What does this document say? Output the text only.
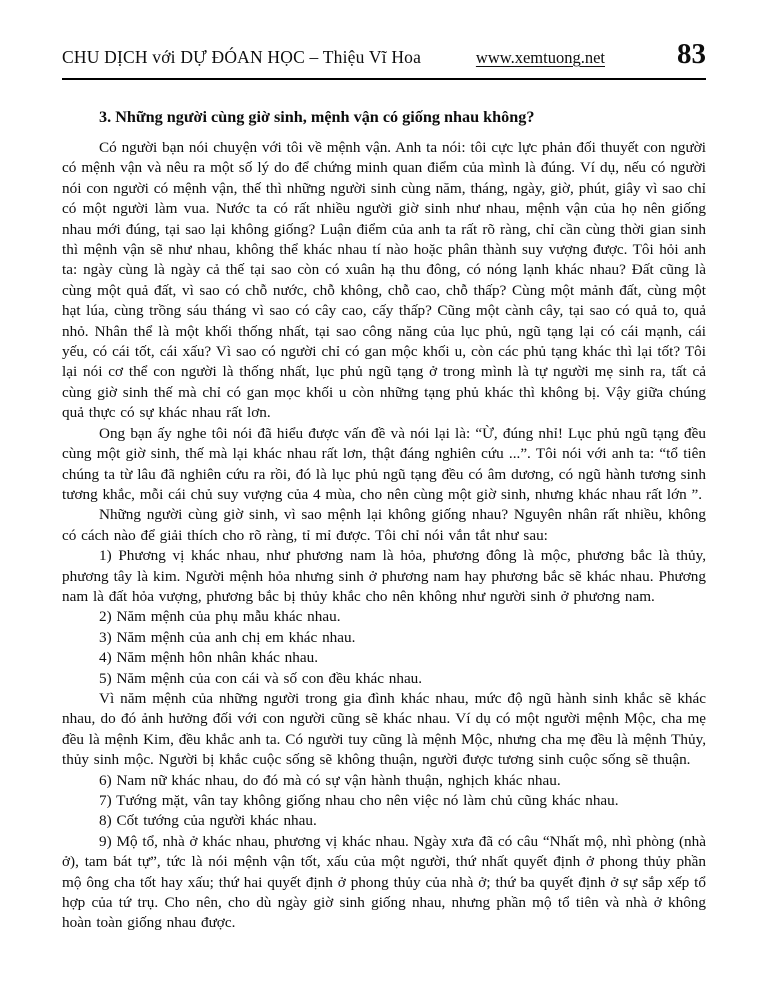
CHU DỊCH với DỰ ĐÓAN HỌC – Thiệu Vĩ Hoa	www.xemtuong.net 83
3. Những người cùng giờ sinh, mệnh vận có giống nhau không?

Có người bạn nói chuyện với tôi về mệnh vận. Anh ta nói: tôi cực lực phản đối thuyết con người có mệnh vận và nêu ra một số lý do để chứng minh quan điểm của mình là đúng. Ví dụ, nếu có người nói con người có mệnh vận, thế thì những người sinh cùng năm, tháng, ngày, giờ, phút, giây vì sao chỉ có một người làm vua. Nước ta có rất nhiều người giờ sinh như nhau, mệnh vận của họ nên giống nhau mới đúng, tại sao lại không giống? Luận điểm của anh ta rất rõ ràng, chỉ cần cùng thời gian sinh thì mệnh vận sẽ như nhau, không thể khác nhau tí nào hoặc phân thành suy vượng được. Tôi hỏi anh ta: ngày cùng là ngày cả thế tại sao còn có xuân hạ thu đông, có nóng lạnh khác nhau? Đất cũng là cùng một quả đất, vì sao có chỗ nước, chỗ không, chỗ cao, chỗ thấp? Cùng một mảnh đất, cùng một hạt lúa, cùng trồng sáu tháng vì sao có cây cao, cấy thấp? Cũng một cành cây, tại sao có quả to, quả nhỏ. Nhân thể là một khối thống nhất, tại sao công năng của lục phủ, ngũ tạng lại có cái mạnh, cái yếu, có cái tốt, cái xấu? Vì sao có người chỉ có gan mộc khối u, còn các phủ tạng khác thì lại tốt? Tôi lại nói cơ thể con người là thống nhất, lục phủ ngũ tạng ở trong mình là tự người mẹ sinh ra, tất cả cùng giờ sinh thế mà chỉ có gan mọc khối u còn những tạng phủ khác thì không bị. Vậy giữa chúng quả thực có sự khác nhau rất lơn.

Ong bạn ấy nghe tôi nói đã hiểu được vấn đề và nói lại là: “Ừ, đúng nhỉ! Lục phủ ngũ tạng đều cùng một giờ sinh, thế mà lại khác nhau rất lơn, thật đáng nghiên cứu ...”. Tôi nói với anh ta: “tổ tiên chúng ta từ lâu đã nghiên cứu ra rồi, đó là lục phủ ngũ tạng đều có âm dương, có ngũ hành tương sinh tương khắc, mỗi cái chủ suy vượng của 4 mùa, cho nên cùng một giờ sinh, nhưng khác nhau rất lớn ”.

Những người cùng giờ sinh, vì sao mệnh lại không giống nhau? Nguyên nhân rất nhiều, không có cách nào để giải thích cho rõ ràng, tỉ mỉ được. Tôi chỉ nói vắn tắt như sau:

1) Phương vị khác nhau, như phương nam là hỏa, phương đông là mộc, phương bắc là thủy, phương tây là kim. Người mệnh hỏa nhưng sinh ở phương nam hay phương bắc sẽ khác nhau. Phương nam là đất hỏa vượng, phương bắc bị thủy khắc cho nên không như người sinh ở phương nam.

2) Năm mệnh của phụ mẫu khác nhau.

3) Năm mệnh của anh chị em khác nhau.

4) Năm mệnh hôn nhân khác nhau.

5) Năm mệnh của con cái và số con đều khác nhau.

Vì năm mệnh của những người trong gia đình khác nhau, mức độ ngũ hành sinh khắc sẽ khác nhau, do đó ảnh hưởng đối với con người cũng sẽ khác nhau. Ví dụ có một người mệnh Mộc, cha mẹ đều là mệnh Kim, đều khắc anh ta. Có người tuy cũng là mệnh Mộc, nhưng cha mẹ đều là mệnh Thủy, thủy sinh mộc. Người bị khắc cuộc sống sẽ không thuận, người được tương sinh cuộc sống sẽ thuận.

6) Nam nữ khác nhau, do đó mà có sự vận hành thuận, nghịch khác nhau.

7) Tướng mặt, vân tay không giống nhau cho nên việc nó làm chủ cũng khác nhau.

8) Cốt tướng của người khác nhau.

9) Mộ tổ, nhà ở khác nhau, phương vị khác nhau. Ngày xưa đã có câu “Nhất mộ, nhì phòng (nhà ở), tam bát tự”, tức là nói mệnh vận tốt, xấu của một người, thứ nhất quyết định ở phong thủy phần mộ ông cha tốt hay xấu; thứ hai quyết định ở phong thủy của nhà ở; thứ ba quyết định ở sự sắp xếp tổ hợp của tứ trụ. Cho nên, cho dù ngày giờ sinh giống nhau, nhưng phần mộ tổ tiên và nhà ở không hoàn toàn giống nhau được.
